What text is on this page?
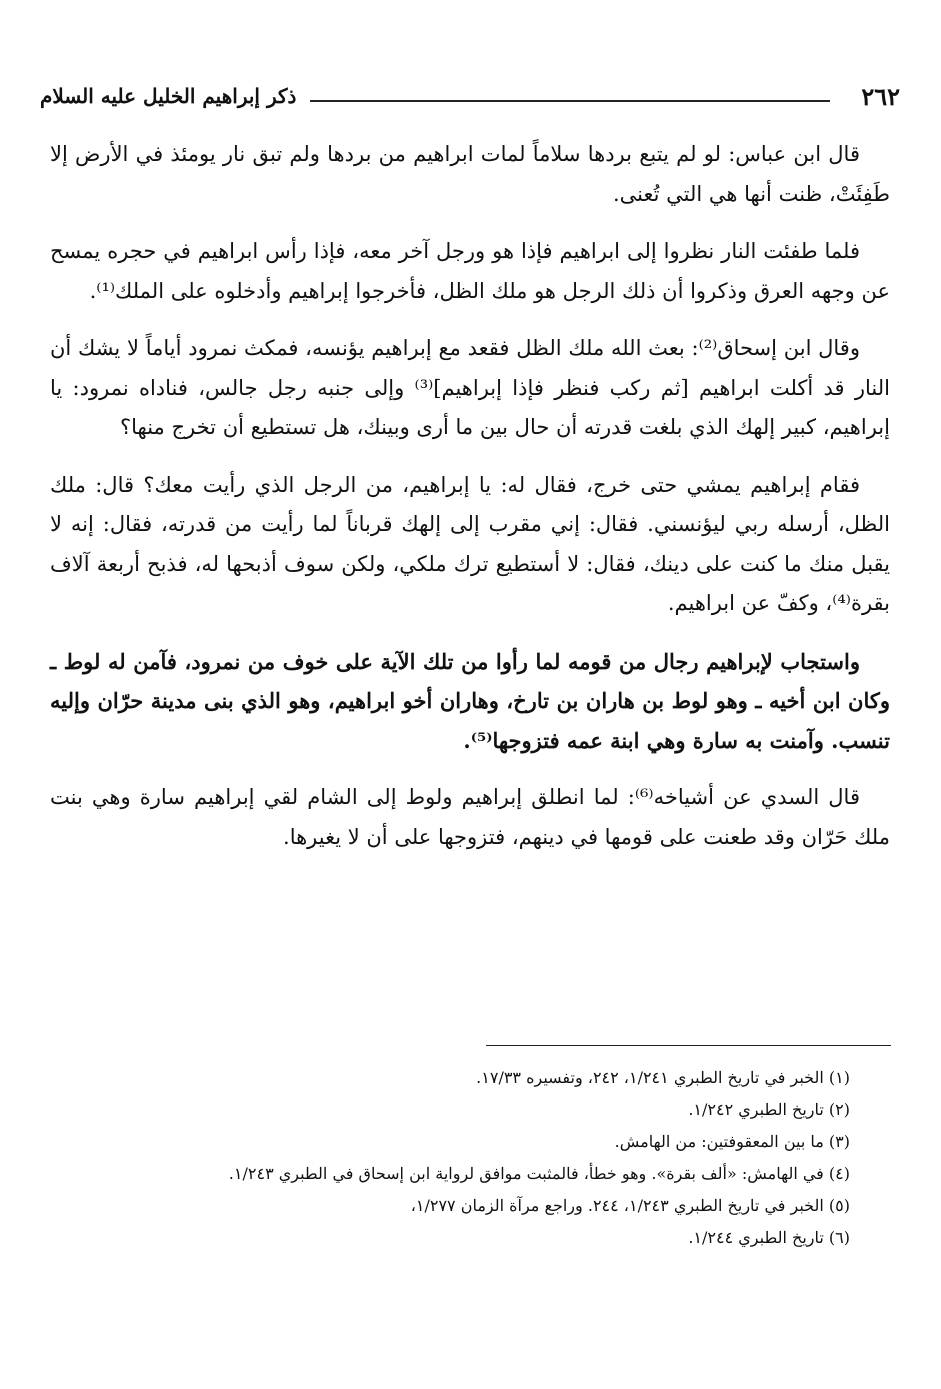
٢٦٢
ذكر إبراهيم الخليل عليه السلام

قال ابن عباس: لو لم يتبع بردها سلاماً لمات ابراهيم من بردها ولم تبق نار يومئذ في الأرض إلا طَفِئَتْ، ظنت أنها هي التي تُعنى.

فلما طفئت النار نظروا إلى ابراهيم فإذا هو ورجل آخر معه، فإذا رأس ابراهيم في حجره يمسح عن وجهه العرق وذكروا أن ذلك الرجل هو ملك الظل، فأخرجوا إبراهيم وأدخلوه على الملك⁽¹⁾.

وقال ابن إسحاق⁽²⁾: بعث الله ملك الظل فقعد مع إبراهيم يؤنسه، فمكث نمرود أياماً لا يشك أن النار قد أكلت ابراهيم [ثم ركب فنظر فإذا إبراهيم]⁽³⁾ وإلى جنبه رجل جالس، فناداه نمرود: يا إبراهيم، كبير إلهك الذي بلغت قدرته أن حال بين ما أرى وبينك، هل تستطيع أن تخرج منها؟

فقام إبراهيم يمشي حتى خرج، فقال له: يا إبراهيم، من الرجل الذي رأيت معك؟ قال: ملك الظل، أرسله ربي ليؤنسني. فقال: إني مقرب إلى إلهك قرباناً لما رأيت من قدرته، فقال: إنه لا يقبل منك ما كنت على دينك، فقال: لا أستطيع ترك ملكي، ولكن سوف أذبحها له، فذبح أربعة آلاف بقرة⁽⁴⁾، وكفّ عن ابراهيم.

واستجاب لإبراهيم رجال من قومه لما رأوا من تلك الآية على خوف من نمرود، فآمن له لوط ـ وكان ابن أخيه ـ وهو لوط بن هاران بن تارخ، وهاران أخو ابراهيم، وهو الذي بنى مدينة حرّان وإليه تنسب. وآمنت به سارة وهي ابنة عمه فتزوجها⁽⁵⁾.

قال السدي عن أشياخه⁽⁶⁾: لما انطلق إبراهيم ولوط إلى الشام لقي إبراهيم سارة وهي بنت ملك حَرّان وقد طعنت على قومها في دينهم، فتزوجها على أن لا يغيرها.

(١) الخبر في تاريخ الطبري ١/٢٤١، ٢٤٢، وتفسيره ١٧/٣٣.
(٢) تاريخ الطبري ١/٢٤٢.
(٣) ما بين المعقوفتين: من الهامش.
(٤) في الهامش: «ألف بقرة». وهو خطأ، فالمثبت موافق لرواية ابن إسحاق في الطبري ١/٢٤٣.
(٥) الخبر في تاريخ الطبري ١/٢٤٣، ٢٤٤. وراجع مرآة الزمان ١/٢٧٧،
(٦) تاريخ الطبري ١/٢٤٤.
